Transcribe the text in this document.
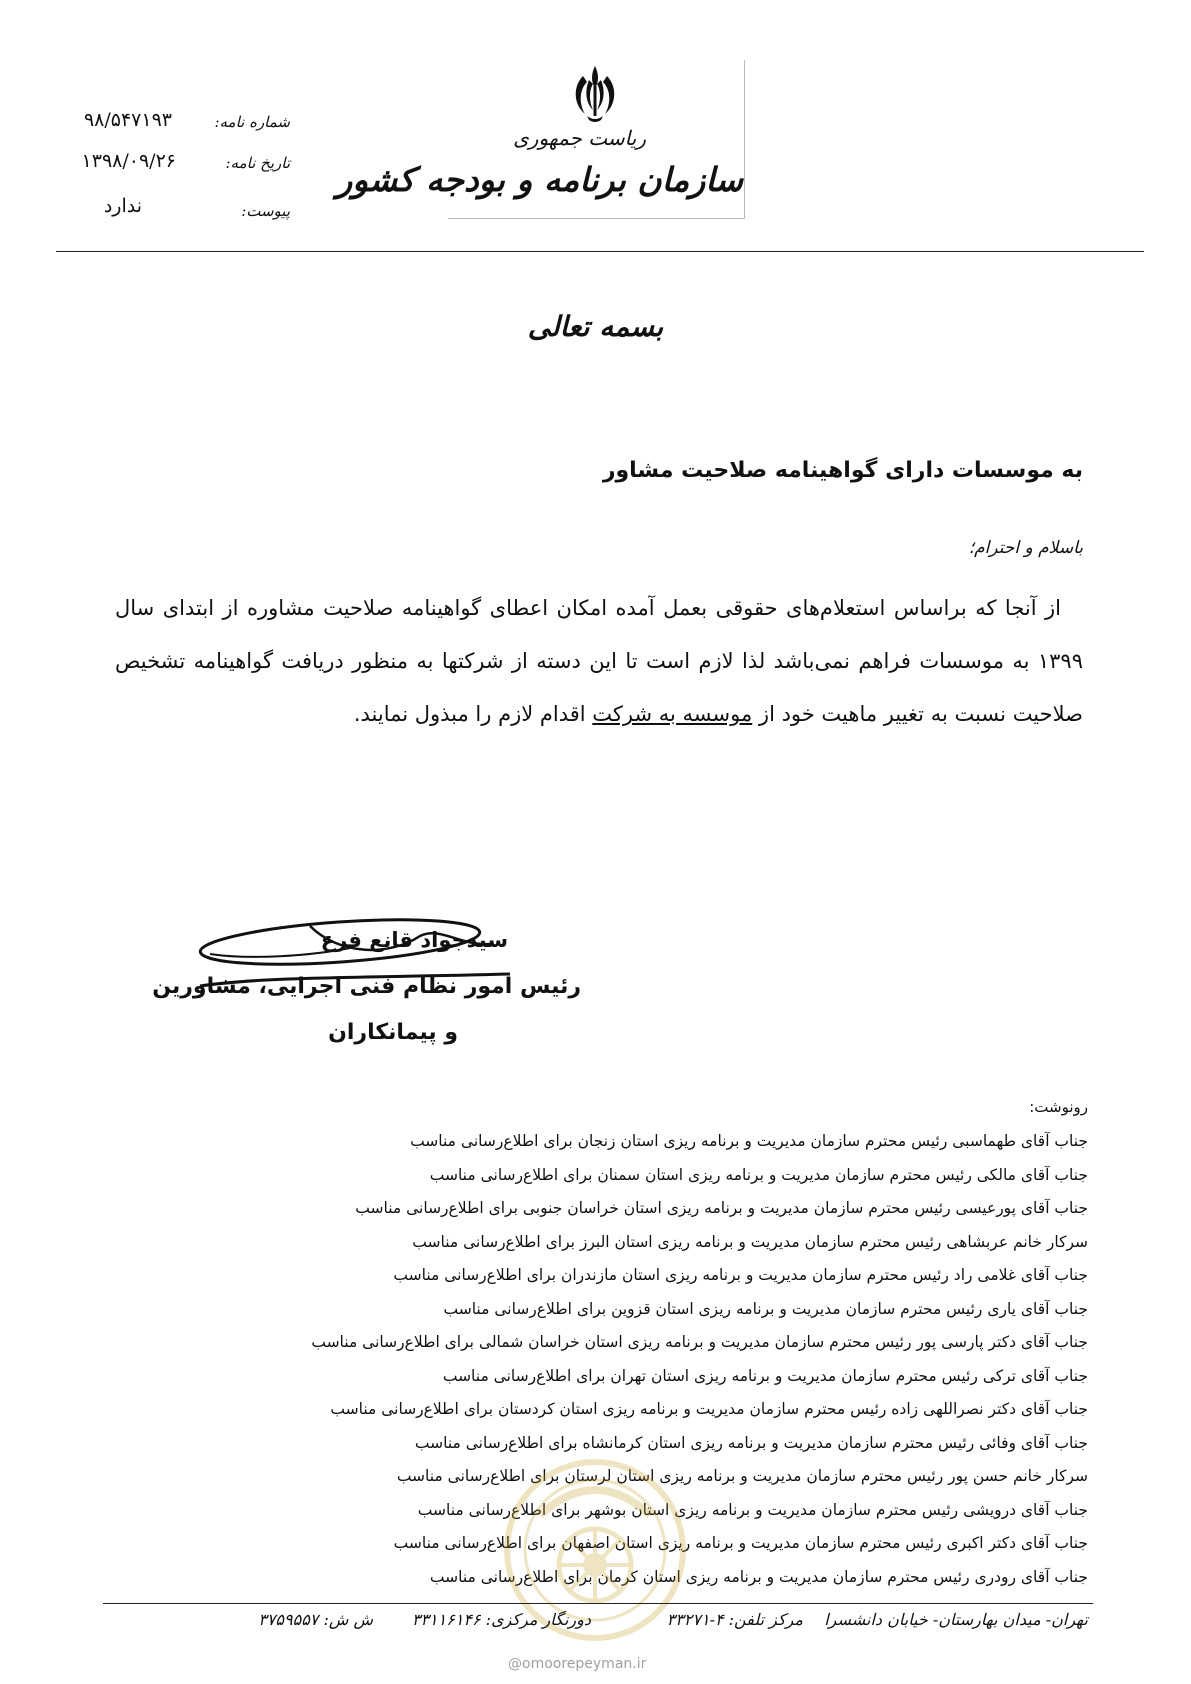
شماره نامه:
۹۸/۵۴۷۱۹۳
تاریخ نامه:
۱۳۹۸/۰۹/۲۶
پیوست:
ندارد
ریاست جمهوری
سازمان برنامه و بودجه کشور
بسمه تعالی
به موسسات دارای گواهینامه صلاحیت مشاور
باسلام و احترام؛

از آنجا که براساس استعلام‌های حقوقی بعمل آمده امکان اعطای گواهینامه صلاحیت مشاوره از ابتدای سال ۱۳۹۹ به موسسات فراهم نمی‌باشد لذا لازم است تا این دسته از شرکتها به منظور دریافت گواهینامه تشخیص صلاحیت نسبت به تغییر ماهیت خود از موسسه به شرکت اقدام لازم را مبذول نمایند.

سیدجواد قانع فرع
رئیس امور نظام فنی اجرایی، مشاورین
و پیمانکاران
رونوشت:
جناب آقای طهماسبی رئیس محترم سازمان مدیریت و برنامه ریزی استان زنجان برای اطلاع‌رسانی مناسب
جناب آقای مالکی رئیس محترم سازمان مدیریت و برنامه ریزی استان سمنان برای اطلاع‌رسانی مناسب
جناب آقای پورعیسی رئیس محترم سازمان مدیریت و برنامه ریزی استان خراسان جنوبی برای اطلاع‌رسانی مناسب
سرکار خانم عربشاهی رئیس محترم سازمان مدیریت و برنامه ریزی استان البرز برای اطلاع‌رسانی مناسب
جناب آقای غلامی راد رئیس محترم سازمان مدیریت و برنامه ریزی استان مازندران برای اطلاع‌رسانی مناسب
جناب آقای یاری رئیس محترم سازمان مدیریت و برنامه ریزی استان قزوین برای اطلاع‌رسانی مناسب
جناب آقای دکتر پارسی پور رئیس محترم سازمان مدیریت و برنامه ریزی استان خراسان شمالی برای اطلاع‌رسانی مناسب
جناب آقای ترکی رئیس محترم سازمان مدیریت و برنامه ریزی استان تهران برای اطلاع‌رسانی مناسب
جناب آقای دکتر نصراللهی زاده رئیس محترم سازمان مدیریت و برنامه ریزی استان کردستان برای اطلاع‌رسانی مناسب
جناب آقای وفائی رئیس محترم سازمان مدیریت و برنامه ریزی استان کرمانشاه برای اطلاع‌رسانی مناسب
سرکار خانم حسن پور رئیس محترم سازمان مدیریت و برنامه ریزی استان لرستان برای اطلاع‌رسانی مناسب
جناب آقای درویشی رئیس محترم سازمان مدیریت و برنامه ریزی استان بوشهر برای اطلاع‌رسانی مناسب
جناب آقای دکتر اکبری رئیس محترم سازمان مدیریت و برنامه ریزی استان اصفهان برای اطلاع‌رسانی مناسب
جناب آقای رودری رئیس محترم سازمان مدیریت و برنامه ریزی استان کرمان برای اطلاع‌رسانی مناسب
تهران- میدان بهارستان- خیابان دانشسرا
مرکز تلفن: ۴-۳۳۲۷۱
دورنگار مرکزی: ۳۳۱۱۶۱۴۶
ش ش: ۳۷۵۹۵۵۷
@omoorepeyman.ir
